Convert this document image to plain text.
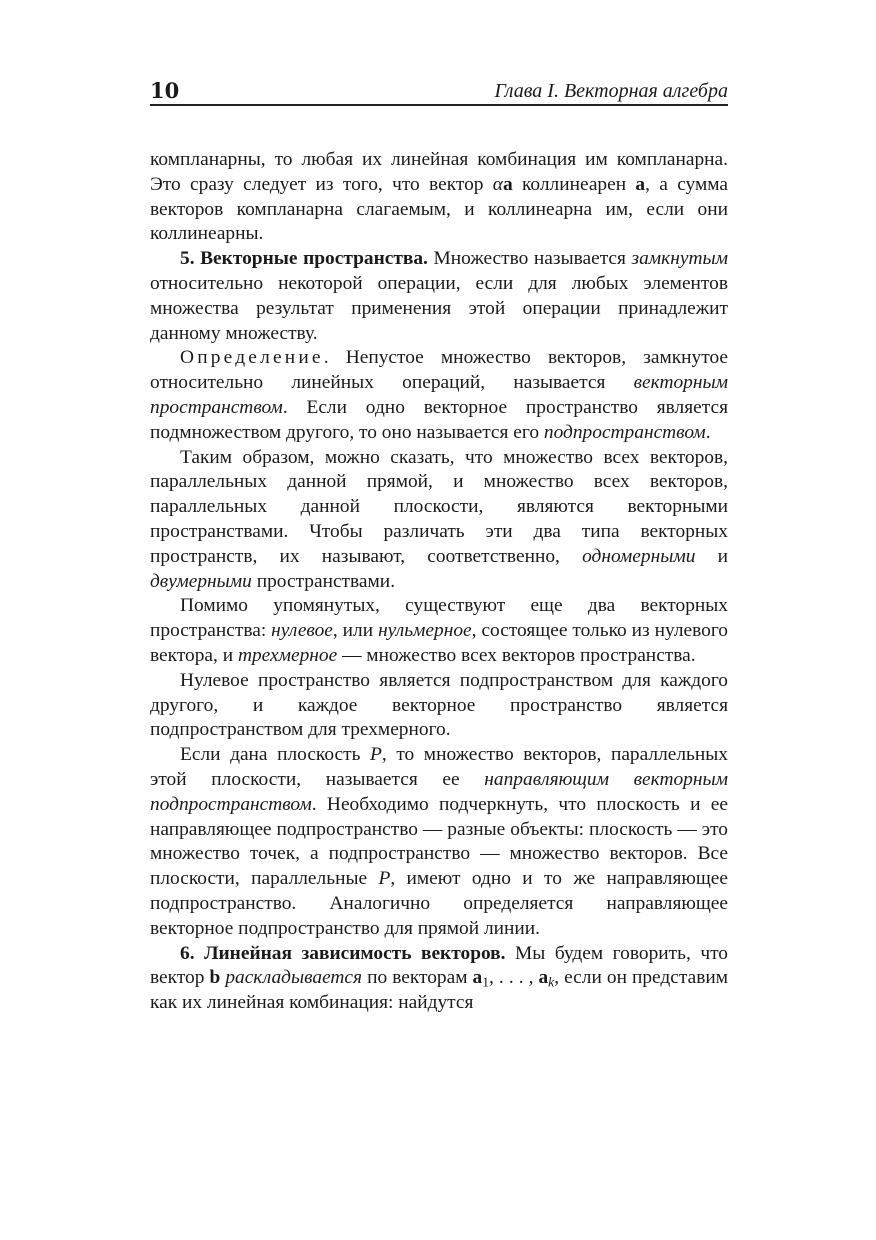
10	Глава I. Векторная алгебра

компланарны, то любая их линейная комбинация им компланарна. Это сразу следует из того, что вектор αa коллинеарен a, а сумма векторов компланарна слагаемым, и коллинеарна им, если они коллинеарны.

5. Векторные пространства. Множество называется замкнутым относительно некоторой операции, если для любых элементов множества результат применения этой операции принадлежит данному множеству.

Определение. Непустое множество векторов, замкнутое относительно линейных операций, называется векторным пространством. Если одно векторное пространство является подмножеством другого, то оно называется его подпространством.

Таким образом, можно сказать, что множество всех векторов, параллельных данной прямой, и множество всех векторов, параллельных данной плоскости, являются векторными пространствами. Чтобы различать эти два типа векторных пространств, их называют, соответственно, одномерными и двумерными пространствами.

Помимо упомянутых, существуют еще два векторных пространства: нулевое, или нульмерное, состоящее только из нулевого вектора, и трехмерное — множество всех векторов пространства.

Нулевое пространство является подпространством для каждого другого, и каждое векторное пространство является подпространством для трехмерного.

Если дана плоскость P, то множество векторов, параллельных этой плоскости, называется ее направляющим векторным подпространством. Необходимо подчеркнуть, что плоскость и ее направляющее подпространство — разные объекты: плоскость — это множество точек, а подпространство — множество векторов. Все плоскости, параллельные P, имеют одно и то же направляющее подпространство. Аналогично определяется направляющее векторное подпространство для прямой линии.

6. Линейная зависимость векторов. Мы будем говорить, что вектор b раскладывается по векторам $a_1$, . . . , $a_k$, если он представим как их линейная комбинация: найдутся
